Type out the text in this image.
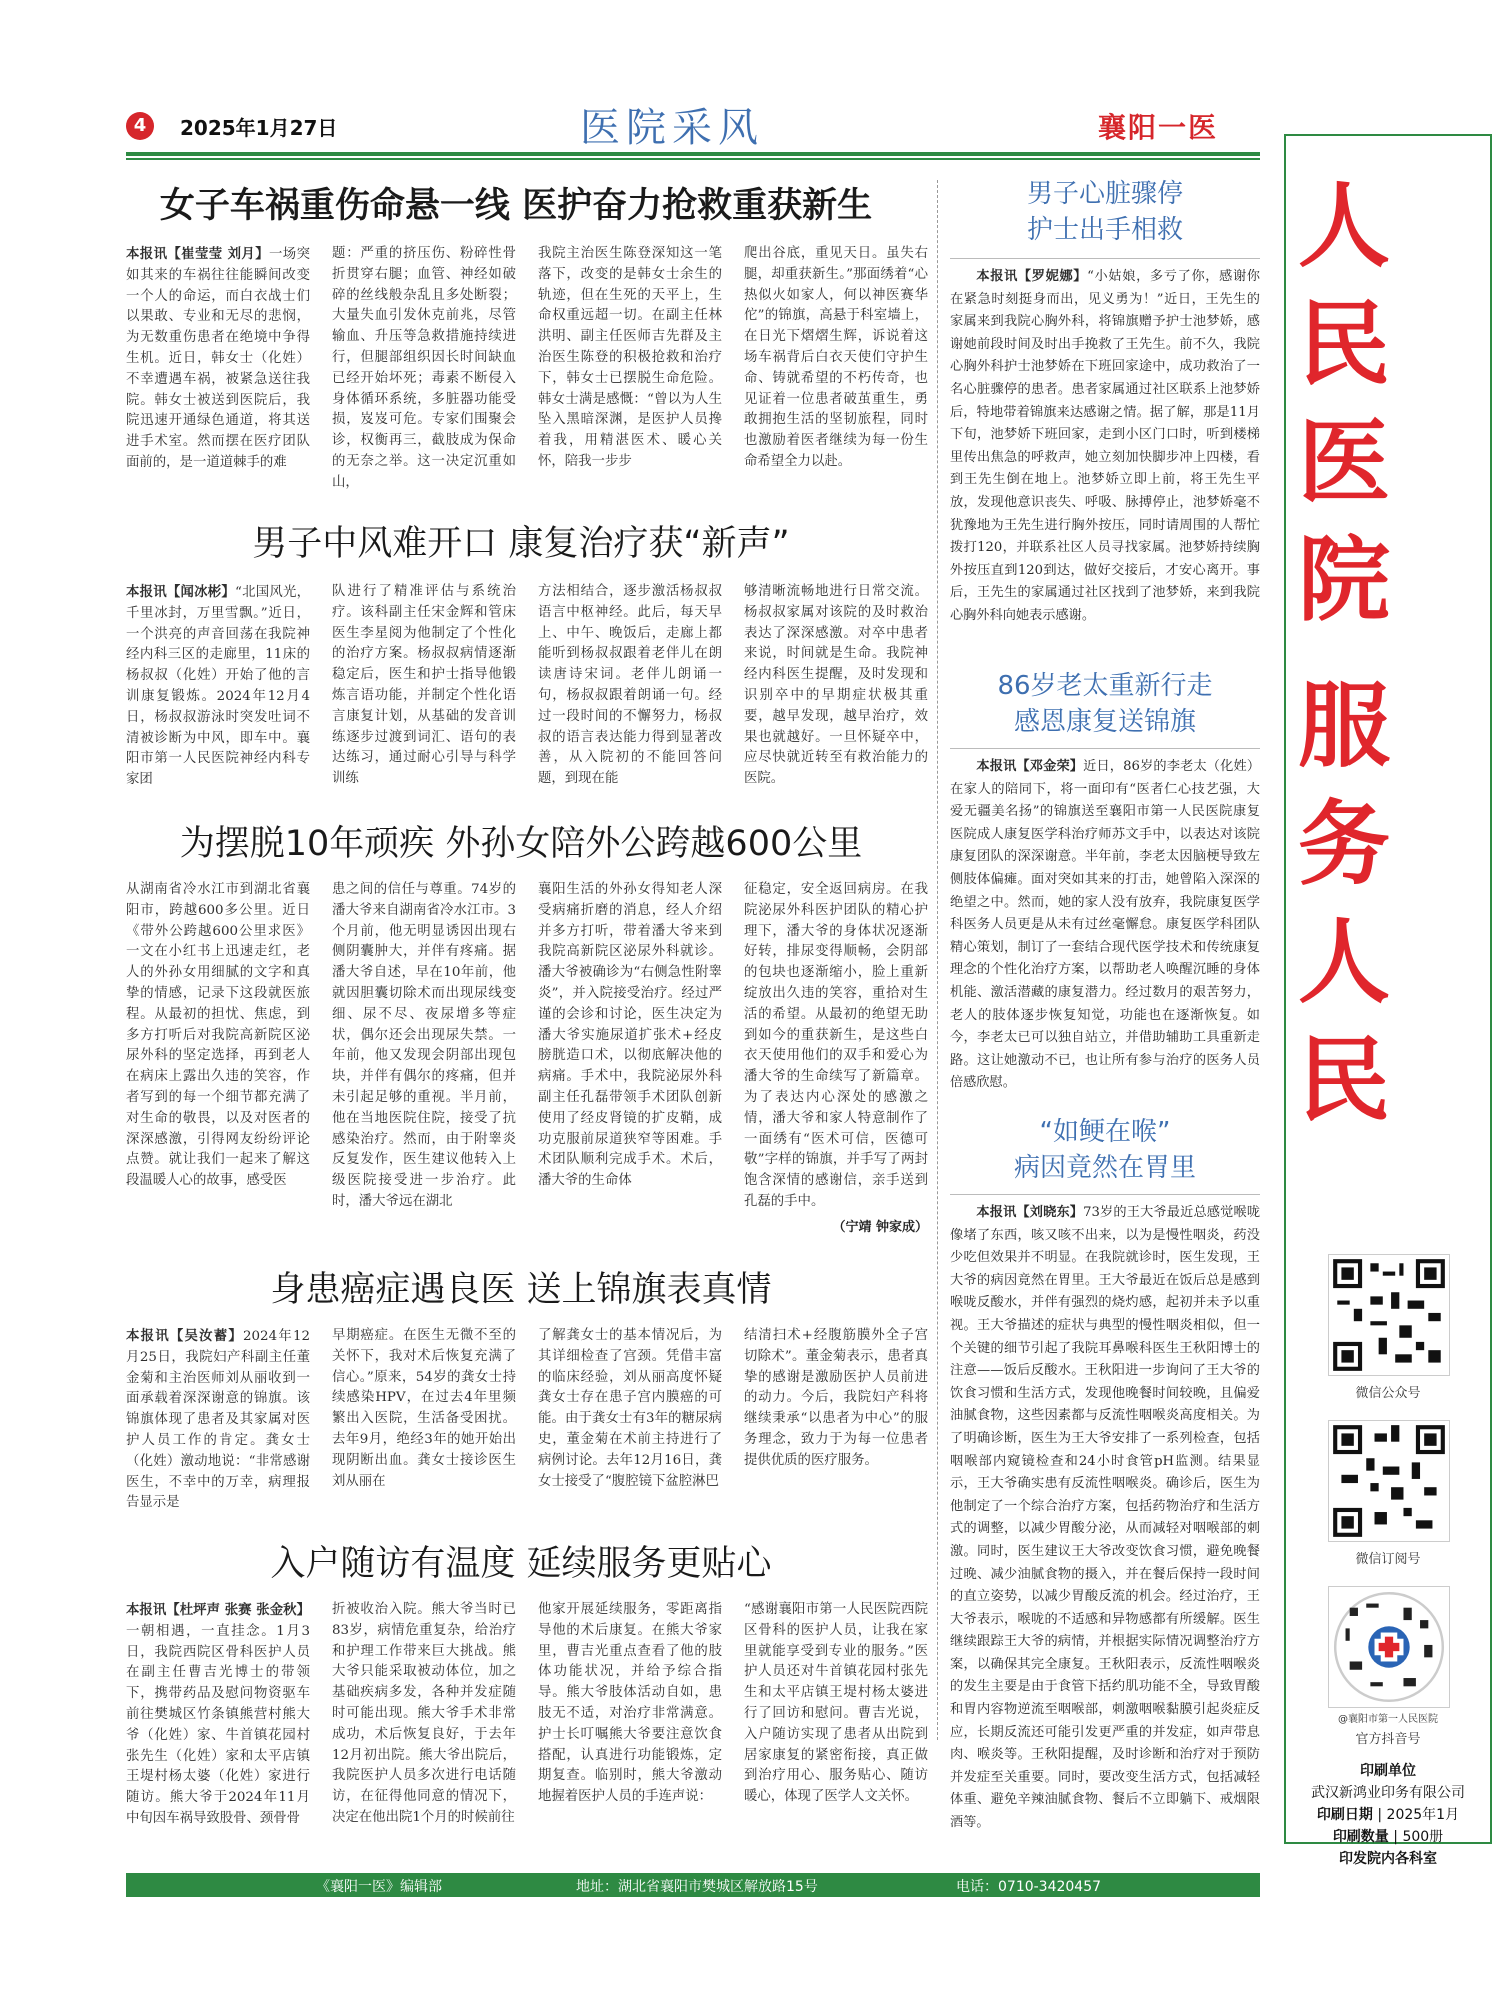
4	2025年1月27日	医院采风	襄阳一医
女子车祸重伤命悬一线 医护奋力抢救重获新生

本报讯【崔莹莹 刘月】一场突如其来的车祸往往能瞬间改变一个人的命运，而白衣战士们以果敢、专业和无尽的悲悯，为无数重伤患者在绝境中争得生机。近日，韩女士（化姓）不幸遭遇车祸，被紧急送往我院。韩女士被送到医院后，我院迅速开通绿色通道，将其送进手术室。然而摆在医疗团队面前的，是一道道棘手的难

题：严重的挤压伤、粉碎性骨折贯穿右腿；血管、神经如破碎的丝线般杂乱且多处断裂；大量失血引发休克前兆，尽管输血、升压等急救措施持续进行，但腿部组织因长时间缺血已经开始坏死；毒素不断侵入身体循环系统，多脏器功能受损，岌岌可危。专家们围聚会诊，权衡再三，截肢成为保命的无奈之举。这一决定沉重如山，
我院主治医生陈登深知这一笔落下，改变的是韩女士余生的轨迹，但在生死的天平上，生命权重远超一切。在副主任林洪明、副主任医师吉先群及主治医生陈登的积极抢救和治疗下，韩女士已摆脱生命危险。韩女士满是感慨：“曾以为人生坠入黑暗深渊，是医护人员搀着我，用精湛医术、暖心关怀，陪我一步步
爬出谷底，重见天日。虽失右腿，却重获新生。”那面绣着“心热似火如家人，何以神医赛华佗”的锦旗，高悬于科室墙上，在日光下熠熠生辉，诉说着这场车祸背后白衣天使们守护生命、铸就希望的不朽传奇，也见证着一位患者破茧重生，勇敢拥抱生活的坚韧旅程，同时也激励着医者继续为每一份生命希望全力以赴。
男子中风难开口 康复治疗获“新声”

本报讯【闻冰彬】“北国风光，千里冰封，万里雪飘。”近日，一个洪亮的声音回荡在我院神经内科三区的走廊里，11床的杨叔叔（化姓）开始了他的言训康复锻炼。2024年12月4日，杨叔叔游泳时突发吐词不清被诊断为中风，即车中。襄阳市第一人民医院神经内科专家团

队进行了精准评估与系统治疗。该科副主任宋金辉和管床医生李星阅为他制定了个性化的治疗方案。杨叔叔病情逐渐稳定后，医生和护士指导他锻炼言语功能，并制定个性化语言康复计划，从基础的发音训练逐步过渡到词汇、语句的表达练习，通过耐心引导与科学训练
方法相结合，逐步激活杨叔叔语言中枢神经。此后，每天早上、中午、晚饭后，走廊上都能听到杨叔叔跟着老伴儿在朗读唐诗宋词。老伴儿朗诵一句，杨叔叔跟着朗诵一句。经过一段时间的不懈努力，杨叔叔的语言表达能力得到显著改善，从入院初的不能回答问题，到现在能
够清晰流畅地进行日常交流。杨叔叔家属对该院的及时救治表达了深深感激。对卒中患者来说，时间就是生命。我院神经内科医生提醒，及时发现和识别卒中的早期症状极其重要，越早发现，越早治疗，效果也就越好。一旦怀疑卒中，应尽快就近转至有救治能力的医院。
为摆脱10年顽疾 外孙女陪外公跨越600公里
从湖南省冷水江市到湖北省襄阳市，跨越600多公里。近日《带外公跨越600公里求医》一文在小红书上迅速走红，老人的外孙女用细腻的文字和真挚的情感，记录下这段就医旅程。从最初的担忧、焦虑，到多方打听后对我院高新院区泌尿外科的坚定选择，再到老人在病床上露出久违的笑容，作者写到的每一个细节都充满了对生命的敬畏，以及对医者的深深感激，引得网友纷纷评论点赞。就让我们一起来了解这段温暖人心的故事，感受医
患之间的信任与尊重。74岁的潘大爷来自湖南省冷水江市。3个月前，他无明显诱因出现右侧阴囊肿大，并伴有疼痛。据潘大爷自述，早在10年前，他就因胆囊切除术而出现尿线变细、尿不尽、夜尿增多等症状，偶尔还会出现尿失禁。一年前，他又发现会阴部出现包块，并伴有偶尔的疼痛，但并未引起足够的重视。半月前，他在当地医院住院，接受了抗感染治疗。然而，由于附睾炎反复发作，医生建议他转入上级医院接受进一步治疗。此时，潘大爷远在湖北
襄阳生活的外孙女得知老人深受病痛折磨的消息，经人介绍并多方打听，带着潘大爷来到我院高新院区泌尿外科就诊。潘大爷被确诊为“右侧急性附睾炎”，并入院接受治疗。经过严谨的会诊和讨论，医生决定为潘大爷实施尿道扩张术+经皮膀胱造口术，以彻底解决他的病痛。手术中，我院泌尿外科副主任孔磊带领手术团队创新使用了经皮肾镜的扩皮鞘，成功克服前尿道狭窄等困难。手术团队顺利完成手术。术后，潘大爷的生命体
征稳定，安全返回病房。在我院泌尿外科医护团队的精心护理下，潘大爷的身体状况逐渐好转，排尿变得顺畅，会阴部的包块也逐渐缩小，脸上重新绽放出久违的笑容，重拾对生活的希望。从最初的绝望无助到如今的重获新生，是这些白衣天使用他们的双手和爱心为潘大爷的生命续写了新篇章。为了表达内心深处的感激之情，潘大爷和家人特意制作了一面绣有“医术可信，医德可敬”字样的锦旗，并手写了两封饱含深情的感谢信，亲手送到孔磊的手中。
（宁靖 钟家成）
身患癌症遇良医 送上锦旗表真情

本报讯【吴汝蓄】2024年12月25日，我院妇产科副主任董金菊和主治医师刘从丽收到一面承载着深深谢意的锦旗。该锦旗体现了患者及其家属对医护人员工作的肯定。龚女士（化姓）激动地说：“非常感谢医生，不幸中的万幸，病理报告显示是

早期癌症。在医生无微不至的关怀下，我对术后恢复充满了信心。”原来，54岁的龚女士持续感染HPV，在过去4年里频繁出入医院，生活备受困扰。去年9月，绝经3年的她开始出现阴断出血。龚女士接诊医生刘从丽在
了解龚女士的基本情况后，为其详细检查了宫颈。凭借丰富的临床经验，刘从丽高度怀疑龚女士存在患子宫内膜癌的可能。由于龚女士有3年的糖尿病史，董金菊在术前主持进行了病例讨论。去年12月16日，龚女士接受了“腹腔镜下盆腔淋巴
结清扫术+经腹筋膜外全子宫切除术”。董金菊表示，患者真挚的感谢是激励医护人员前进的动力。今后，我院妇产科将继续秉承“以患者为中心”的服务理念，致力于为每一位患者提供优质的医疗服务。
入户随访有温度 延续服务更贴心

本报讯【杜坪声 张赛 张金秋】一朝相遇，一直挂念。1月3日，我院西院区骨科医护人员在副主任曹吉光博士的带领下，携带药品及慰问物资驱车前往樊城区竹条镇熊营村熊大爷（化姓）家、牛首镇花园村张先生（化姓）家和太平店镇王堤村杨太婆（化姓）家进行随访。熊大爷于2024年11月中旬因车祸导致股骨、颈骨骨

折被收治入院。熊大爷当时已83岁，病情危重复杂，给治疗和护理工作带来巨大挑战。熊大爷只能采取被动体位，加之基础疾病多发，各种并发症随时可能出现。熊大爷手术非常成功，术后恢复良好，于去年12月初出院。熊大爷出院后，我院医护人员多次进行电话随访，在征得他同意的情况下，决定在他出院1个月的时候前往
他家开展延续服务，零距离指导他的术后康复。在熊大爷家里，曹吉光重点查看了他的肢体功能状况，并给予综合指导。熊大爷肢体活动自如，患肢无不适，对治疗非常满意。护士长叮嘱熊大爷要注意饮食搭配，认真进行功能锻炼，定期复查。临别时，熊大爷激动地握着医护人员的手连声说：
“感谢襄阳市第一人民医院西院区骨科的医护人员，让我在家里就能享受到专业的服务。”医护人员还对牛首镇花园村张先生和太平店镇王堤村杨太婆进行了回访和慰问。曹吉光说，入户随访实现了患者从出院到居家康复的紧密衔接，真正做到治疗用心、服务贴心、随访暖心，体现了医学人文关怀。
男子心脏骤停
护士出手相救

本报讯【罗妮娜】“小姑娘，多亏了你，感谢你在紧急时刻挺身而出，见义勇为！”近日，王先生的家属来到我院心胸外科，将锦旗赠予护士池梦娇，感谢她前段时间及时出手挽救了王先生。前不久，我院心胸外科护士池梦娇在下班回家途中，成功救治了一名心脏骤停的患者。患者家属通过社区联系上池梦娇后，特地带着锦旗来达感谢之情。据了解，那是11月下旬，池梦娇下班回家，走到小区门口时，听到楼梯里传出焦急的呼救声，她立刻加快脚步冲上四楼，看到王先生倒在地上。池梦娇立即上前，将王先生平放，发现他意识丧失、呼吸、脉搏停止，池梦娇毫不犹豫地为王先生进行胸外按压，同时请周围的人帮忙拨打120，并联系社区人员寻找家属。池梦娇持续胸外按压直到120到达，做好交接后，才安心离开。事后，王先生的家属通过社区找到了池梦娇，来到我院心胸外科向她表示感谢。

86岁老太重新行走
感恩康复送锦旗

本报讯【邓金荣】近日，86岁的李老太（化姓）在家人的陪同下，将一面印有“医者仁心技艺强，大爱无疆美名扬”的锦旗送至襄阳市第一人民医院康复医院成人康复医学科治疗师苏文手中，以表达对该院康复团队的深深谢意。半年前，李老太因脑梗导致左侧肢体偏瘫。面对突如其来的打击，她曾陷入深深的绝望之中。然而，她的家人没有放弃，我院康复医学科医务人员更是从未有过丝毫懈怠。康复医学科团队精心策划，制订了一套结合现代医学技术和传统康复理念的个性化治疗方案，以帮助老人唤醒沉睡的身体机能、激活潜藏的康复潜力。经过数月的艰苦努力，老人的肢体逐步恢复知觉，功能也在逐渐恢复。如今，李老太已可以独自站立，并借助辅助工具重新走路。这让她激动不已，也让所有参与治疗的医务人员倍感欣慰。

“如鲠在喉”
病因竟然在胃里

本报讯【刘晓东】73岁的王大爷最近总感觉喉咙像堵了东西，咳又咳不出来，以为是慢性咽炎，药没少吃但效果并不明显。在我院就诊时，医生发现，王大爷的病因竟然在胃里。王大爷最近在饭后总是感到喉咙反酸水，并伴有强烈的烧灼感，起初并未予以重视。王大爷描述的症状与典型的慢性咽炎相似，但一个关键的细节引起了我院耳鼻喉科医生王秋阳博士的注意——饭后反酸水。王秋阳进一步询问了王大爷的饮食习惯和生活方式，发现他晚餐时间较晚，且偏爱油腻食物，这些因素都与反流性咽喉炎高度相关。为了明确诊断，医生为王大爷安排了一系列检查，包括咽喉部内窥镜检查和24小时食管pH监测。结果显示，王大爷确实患有反流性咽喉炎。确诊后，医生为他制定了一个综合治疗方案，包括药物治疗和生活方式的调整，以减少胃酸分泌，从而减轻对咽喉部的刺激。同时，医生建议王大爷改变饮食习惯，避免晚餐过晚、减少油腻食物的摄入，并在餐后保持一段时间的直立姿势，以减少胃酸反流的机会。经过治疗，王大爷表示，喉咙的不适感和异物感都有所缓解。医生继续跟踪王大爷的病情，并根据实际情况调整治疗方案，以确保其完全康复。王秋阳表示，反流性咽喉炎的发生主要是由于食管下括约肌功能不全，导致胃酸和胃内容物逆流至咽喉部，刺激咽喉黏膜引起炎症反应，长期反流还可能引发更严重的并发症，如声带息肉、喉炎等。王秋阳提醒，及时诊断和治疗对于预防并发症至关重要。同时，要改变生活方式，包括减轻体重、避免辛辣油腻食物、餐后不立即躺下、戒烟限酒等。

微信公众号
微信订阅号
@襄阳市第一人民医院
官方抖音号
印刷单位
武汉新鸿业印务有限公司
印刷日期 | 2025年1月
印刷数量 | 500册
印发院内各科室
《襄阳一医》编辑部	地址：湖北省襄阳市樊城区解放路15号	电话：0710-3420457
人
民
医
院
服
务
人
民
